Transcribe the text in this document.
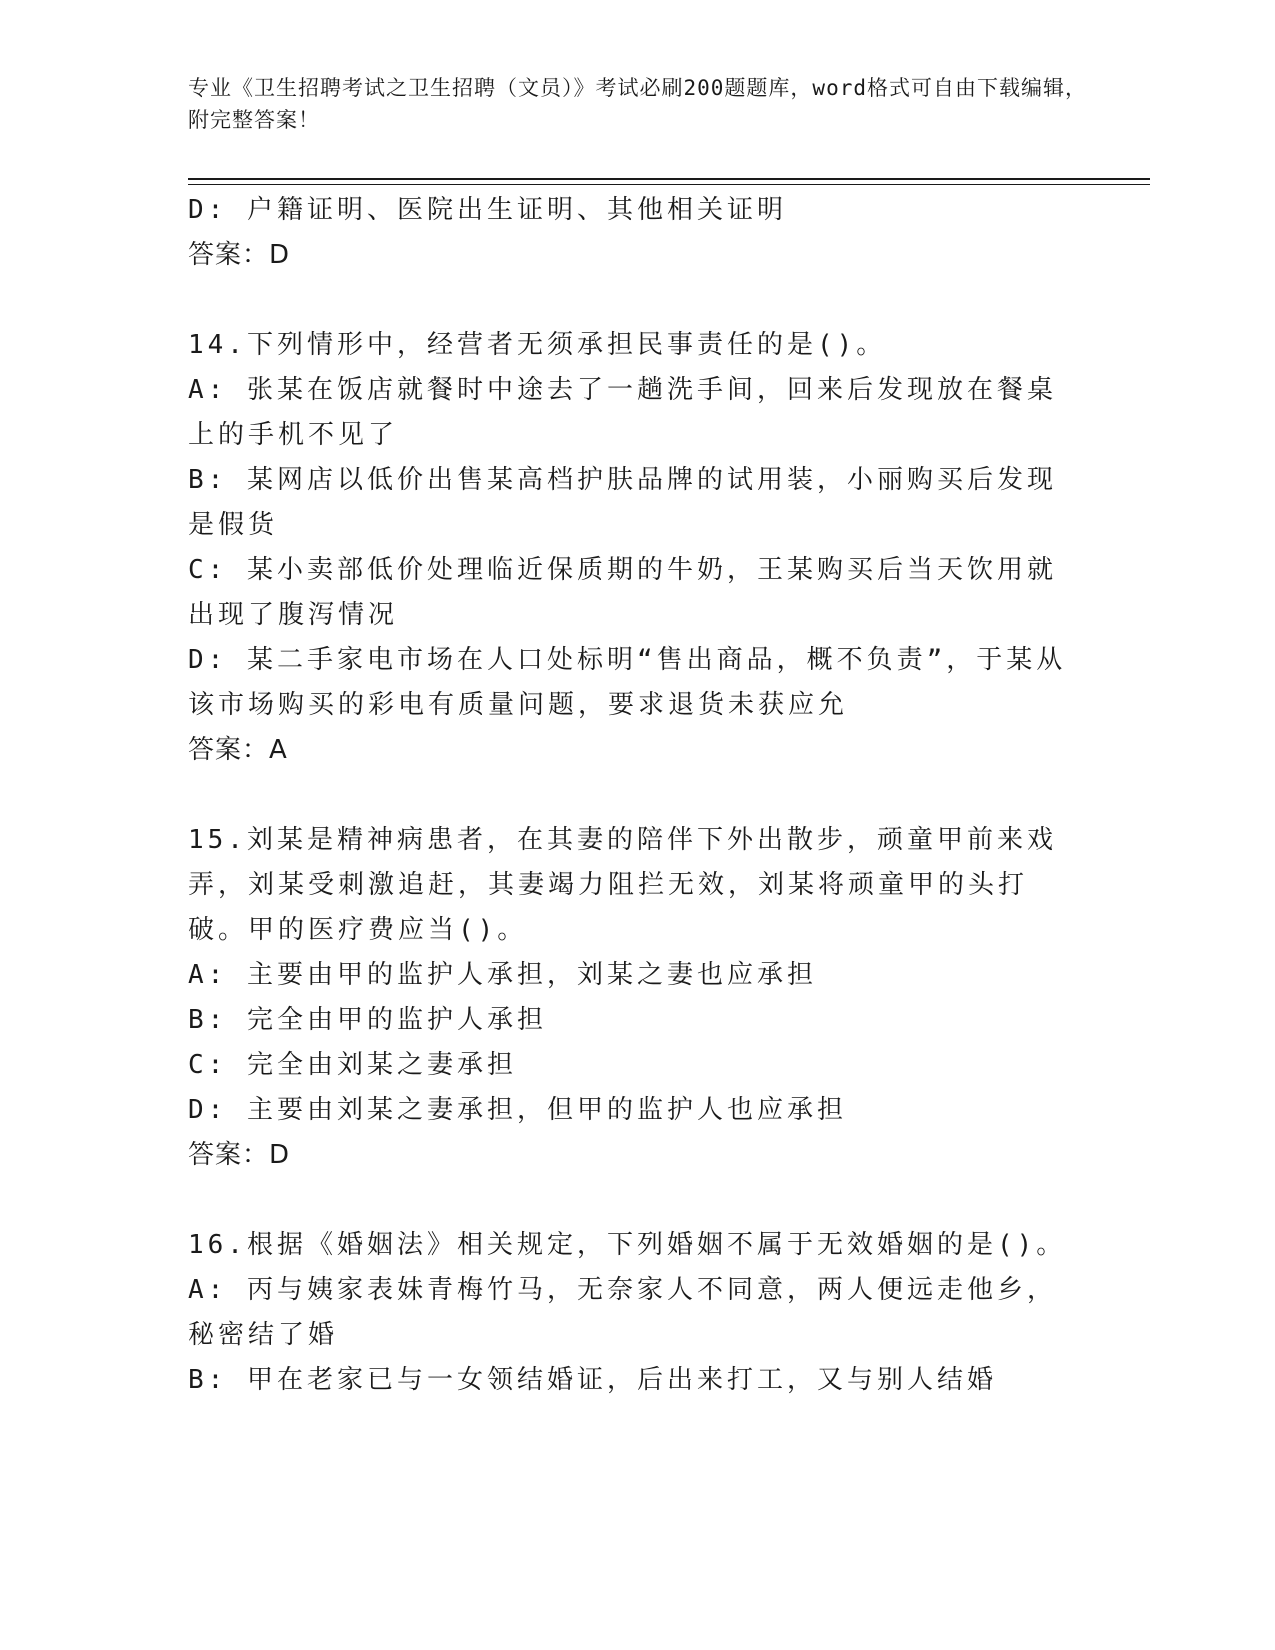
专业《卫生招聘考试之卫生招聘（文员）》考试必刷200题题库，word格式可自由下载编辑，附完整答案！
D: 户籍证明、医院出生证明、其他相关证明
答案：D
14.下列情形中，经营者无须承担民事责任的是()。
A: 张某在饭店就餐时中途去了一趟洗手间，回来后发现放在餐桌上的手机不见了
B: 某网店以低价出售某高档护肤品牌的试用装，小丽购买后发现是假货
C: 某小卖部低价处理临近保质期的牛奶，王某购买后当天饮用就出现了腹泻情况
D: 某二手家电市场在人口处标明“售出商品，概不负责”，于某从该市场购买的彩电有质量问题，要求退货未获应允
答案：A
15.刘某是精神病患者，在其妻的陪伴下外出散步，顽童甲前来戏弄，刘某受刺激追赶，其妻竭力阻拦无效，刘某将顽童甲的头打破。甲的医疗费应当()。
A: 主要由甲的监护人承担，刘某之妻也应承担
B: 完全由甲的监护人承担
C: 完全由刘某之妻承担
D: 主要由刘某之妻承担，但甲的监护人也应承担
答案：D
16.根据《婚姻法》相关规定，下列婚姻不属于无效婚姻的是()。
A: 丙与姨家表妹青梅竹马，无奈家人不同意，两人便远走他乡，秘密结了婚
B: 甲在老家已与一女领结婚证，后出来打工，又与别人结婚
